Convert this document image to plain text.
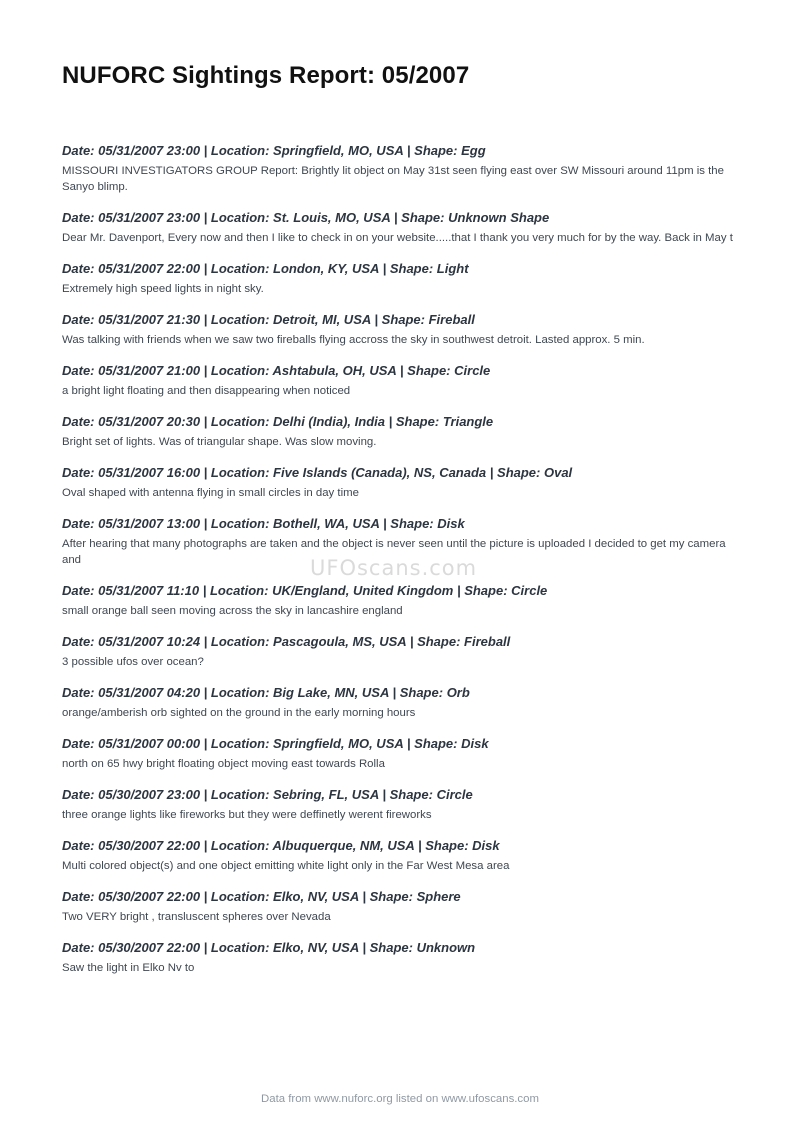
NUFORC Sightings Report: 05/2007
Date: 05/31/2007 23:00 | Location: Springfield, MO, USA | Shape: Egg

MISSOURI INVESTIGATORS GROUP Report: Brightly lit object on May 31st seen flying east over SW Missouri around 11pm is the Sanyo blimp.

Date: 05/31/2007 23:00 | Location: St. Louis, MO, USA | Shape: Unknown Shape

Dear Mr. Davenport, Every now and then I like to check in on your website.....that I thank you very much for by the way. Back in May t

Date: 05/31/2007 22:00 | Location: London, KY, USA | Shape: Light

Extremely high speed lights in night sky.

Date: 05/31/2007 21:30 | Location: Detroit, MI, USA | Shape: Fireball

Was talking with friends when we saw two fireballs flying accross the sky in southwest detroit. Lasted approx. 5 min.

Date: 05/31/2007 21:00 | Location: Ashtabula, OH, USA | Shape: Circle

a bright light floating and then disappearing when noticed

Date: 05/31/2007 20:30 | Location: Delhi (India), India | Shape: Triangle

Bright set of lights. Was of triangular shape. Was slow moving.

Date: 05/31/2007 16:00 | Location: Five Islands (Canada), NS, Canada | Shape: Oval

Oval shaped with antenna flying in small circles in day time

Date: 05/31/2007 13:00 | Location: Bothell, WA, USA | Shape: Disk

After hearing that many photographs are taken and the object is never seen until the picture is uploaded I decided to get my camera and

Date: 05/31/2007 11:10 | Location: UK/England, United Kingdom | Shape: Circle

small orange ball seen moving across the sky in lancashire england

Date: 05/31/2007 10:24 | Location: Pascagoula, MS, USA | Shape: Fireball

3 possible ufos over ocean?

Date: 05/31/2007 04:20 | Location: Big Lake, MN, USA | Shape: Orb

orange/amberish orb sighted on the ground in the early morning hours

Date: 05/31/2007 00:00 | Location: Springfield, MO, USA | Shape: Disk

north on 65 hwy bright floating object moving east towards Rolla

Date: 05/30/2007 23:00 | Location: Sebring, FL, USA | Shape: Circle

three orange lights like fireworks but they were deffinetly werent fireworks

Date: 05/30/2007 22:00 | Location: Albuquerque, NM, USA | Shape: Disk

Multi colored object(s) and one object emitting white light only in the Far West Mesa area

Date: 05/30/2007 22:00 | Location: Elko, NV, USA | Shape: Sphere

Two VERY bright , transluscent spheres over Nevada

Date: 05/30/2007 22:00 | Location: Elko, NV, USA | Shape: Unknown

Saw the light in Elko Nv to

UFOscans.com
Data from www.nuforc.org listed on www.ufoscans.com
